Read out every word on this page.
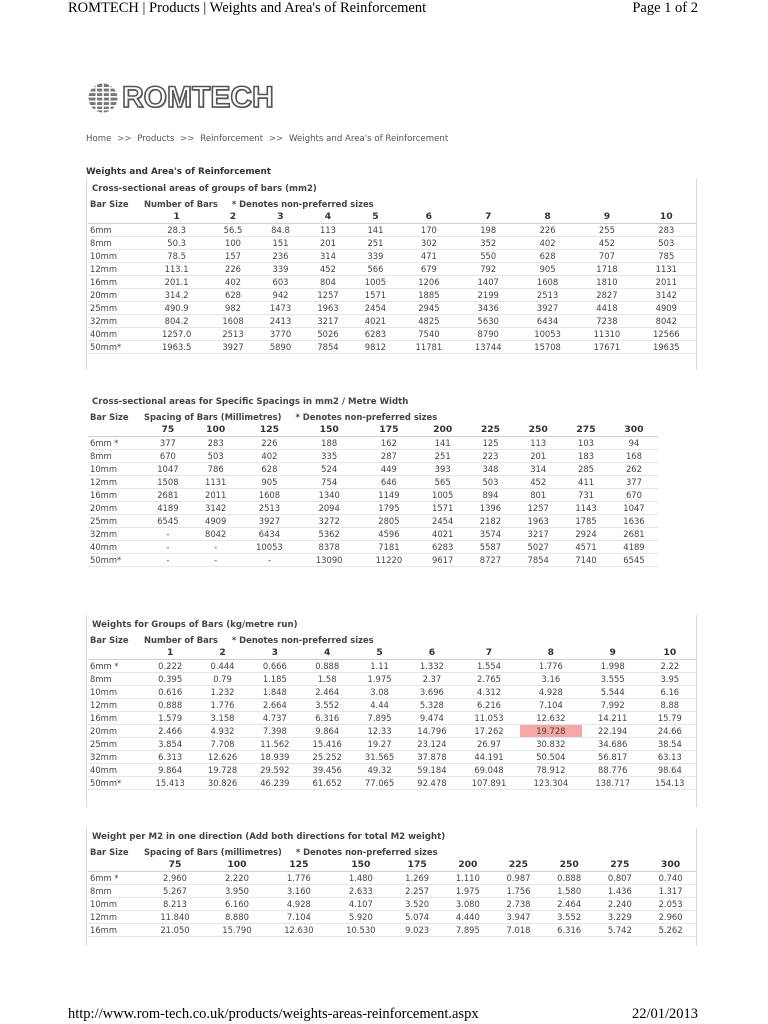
ROMTECH | Products | Weights and Area's of Reinforcement	Page 1 of 2
ROMTECH
Home >> Products >> Reinforcement >> Weights and Area's of Reinforcement
Weights and Area's of Reinforcement
Cross-sectional areas of groups of bars (mm2)
Bar Size	Number of Bars * Denotes non-preferred sizes									
	1	2	3	4	5	6	7	8	9	10
6mm	28.3	56.5	84.8	113	141	170	198	226	255	283
8mm	50.3	100	151	201	251	302	352	402	452	503
10mm	78.5	157	236	314	339	471	550	628	707	785
12mm	113.1	226	339	452	566	679	792	905	1718	1131
16mm	201.1	402	603	804	1005	1206	1407	1608	1810	2011
20mm	314.2	628	942	1257	1571	1885	2199	2513	2827	3142
25mm	490.9	982	1473	1963	2454	2945	3436	3927	4418	4909
32mm	804.2	1608	2413	3217	4021	4825	5630	6434	7238	8042
40mm	1257.0	2513	3770	5026	6283	7540	8790	10053	11310	12566
50mm*	1963.5	3927	5890	7854	9812	11781	13744	15708	17671	19635
Cross-sectional areas for Specific Spacings in mm2 / Metre Width
Bar Size	Spacing of Bars (Millimetres) * Denotes non-preferred sizes									
	75	100	125	150	175	200	225	250	275	300
6mm *	377	283	226	188	162	141	125	113	103	94
8mm	670	503	402	335	287	251	223	201	183	168
10mm	1047	786	628	524	449	393	348	314	285	262
12mm	1508	1131	905	754	646	565	503	452	411	377
16mm	2681	2011	1608	1340	1149	1005	894	801	731	670
20mm	4189	3142	2513	2094	1795	1571	1396	1257	1143	1047
25mm	6545	4909	3927	3272	2805	2454	2182	1963	1785	1636
32mm	-	8042	6434	5362	4596	4021	3574	3217	2924	2681
40mm	-	-	10053	8378	7181	6283	5587	5027	4571	4189
50mm*	-	-	-	13090	11220	9617	8727	7854	7140	6545
Weights for Groups of Bars (kg/metre run)
Bar Size	Number of Bars * Denotes non-preferred sizes									
	1	2	3	4	5	6	7	8	9	10
6mm *	0.222	0.444	0.666	0.888	1.11	1.332	1.554	1.776	1.998	2.22
8mm	0.395	0.79	1.185	1.58	1.975	2.37	2.765	3.16	3.555	3.95
10mm	0.616	1.232	1.848	2.464	3.08	3.696	4.312	4.928	5.544	6.16
12mm	0.888	1.776	2.664	3.552	4.44	5.328	6.216	7.104	7.992	8.88
16mm	1.579	3.158	4.737	6.316	7.895	9.474	11.053	12.632	14.211	15.79
20mm	2.466	4.932	7.398	9.864	12.33	14.796	17.262	19.728	22.194	24.66
25mm	3.854	7.708	11.562	15.416	19.27	23.124	26.97	30.832	34.686	38.54
32mm	6.313	12.626	18.939	25.252	31.565	37.878	44.191	50.504	56.817	63.13
40mm	9.864	19.728	29.592	39.456	49.32	59.184	69.048	78.912	88.776	98.64
50mm*	15.413	30.826	46.239	61.652	77.065	92.478	107.891	123.304	138.717	154.13
Weight per M2 in one direction (Add both directions for total M2 weight)
Bar Size	Spacing of Bars (millimetres) * Denotes non-preferred sizes									
	75	100	125	150	175	200	225	250	275	300
6mm *	2.960	2.220	1.776	1.480	1.269	1.110	0.987	0.888	0.807	0.740
8mm	5.267	3.950	3.160	2.633	2.257	1.975	1.756	1.580	1.436	1.317
10mm	8.213	6.160	4.928	4.107	3.520	3.080	2.738	2.464	2.240	2.053
12mm	11.840	8.880	7.104	5.920	5.074	4.440	3.947	3.552	3.229	2.960
16mm	21.050	15.790	12.630	10.530	9.023	7.895	7.018	6.316	5.742	5.262
http://www.rom-tech.co.uk/products/weights-areas-reinforcement.aspx	22/01/2013
